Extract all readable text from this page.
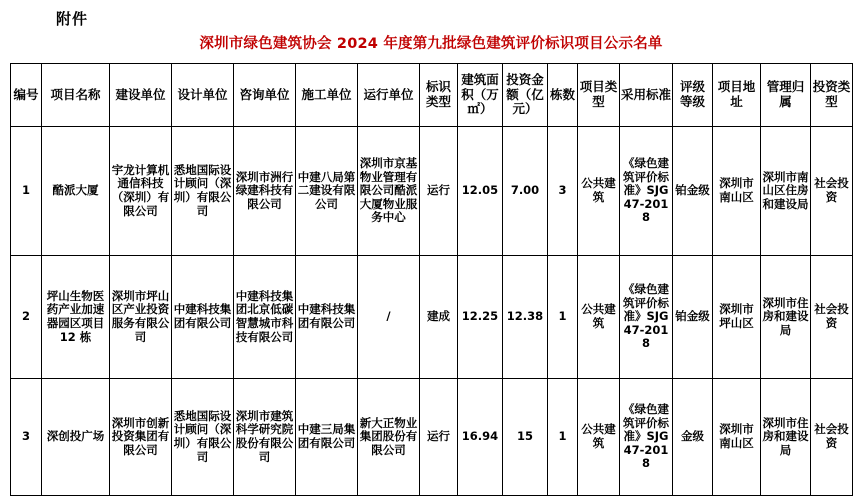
附件
深圳市绿色建筑协会 2024 年度第九批绿色建筑评价标识项目公示名单
编号	项目名称	建设单位	设计单位	咨询单位	施工单位	运行单位	标识类型	建筑面积（万㎡）	投资金额（亿元）	栋数	项目类型	采用标准	评级等级	项目地址	管理归属	投资类型
1	酷派大厦	宇龙计算机通信科技（深圳）有限公司	悉地国际设计顾问（深圳）有限公司	深圳市洲行绿建科技有限公司	中建八局第二建设有限公司	深圳市京基物业管理有限公司酷派大厦物业服务中心	运行	12.05	7.00	3	公共建筑	《绿色建筑评价标准》SJG47-2018	铂金级	深圳市南山区	深圳市南山区住房和建设局	社会投资
2	坪山生物医药产业加速器园区项目 12 栋	深圳市坪山区产业投资服务有限公司	中建科技集团有限公司	中建科技集团北京低碳智慧城市科技有限公司	中建科技集团有限公司	/	建成	12.25	12.38	1	公共建筑	《绿色建筑评价标准》SJG47-2018	铂金级	深圳市坪山区	深圳市住房和建设局	社会投资
3	深创投广场	深圳市创新投资集团有限公司	悉地国际设计顾问（深圳）有限公司	深圳市建筑科学研究院股份有限公司	中建三局集团有限公司	新大正物业集团股份有限公司	运行	16.94	15	1	公共建筑	《绿色建筑评价标准》SJG47-2018	金级	深圳市南山区	深圳市住房和建设局	社会投资
